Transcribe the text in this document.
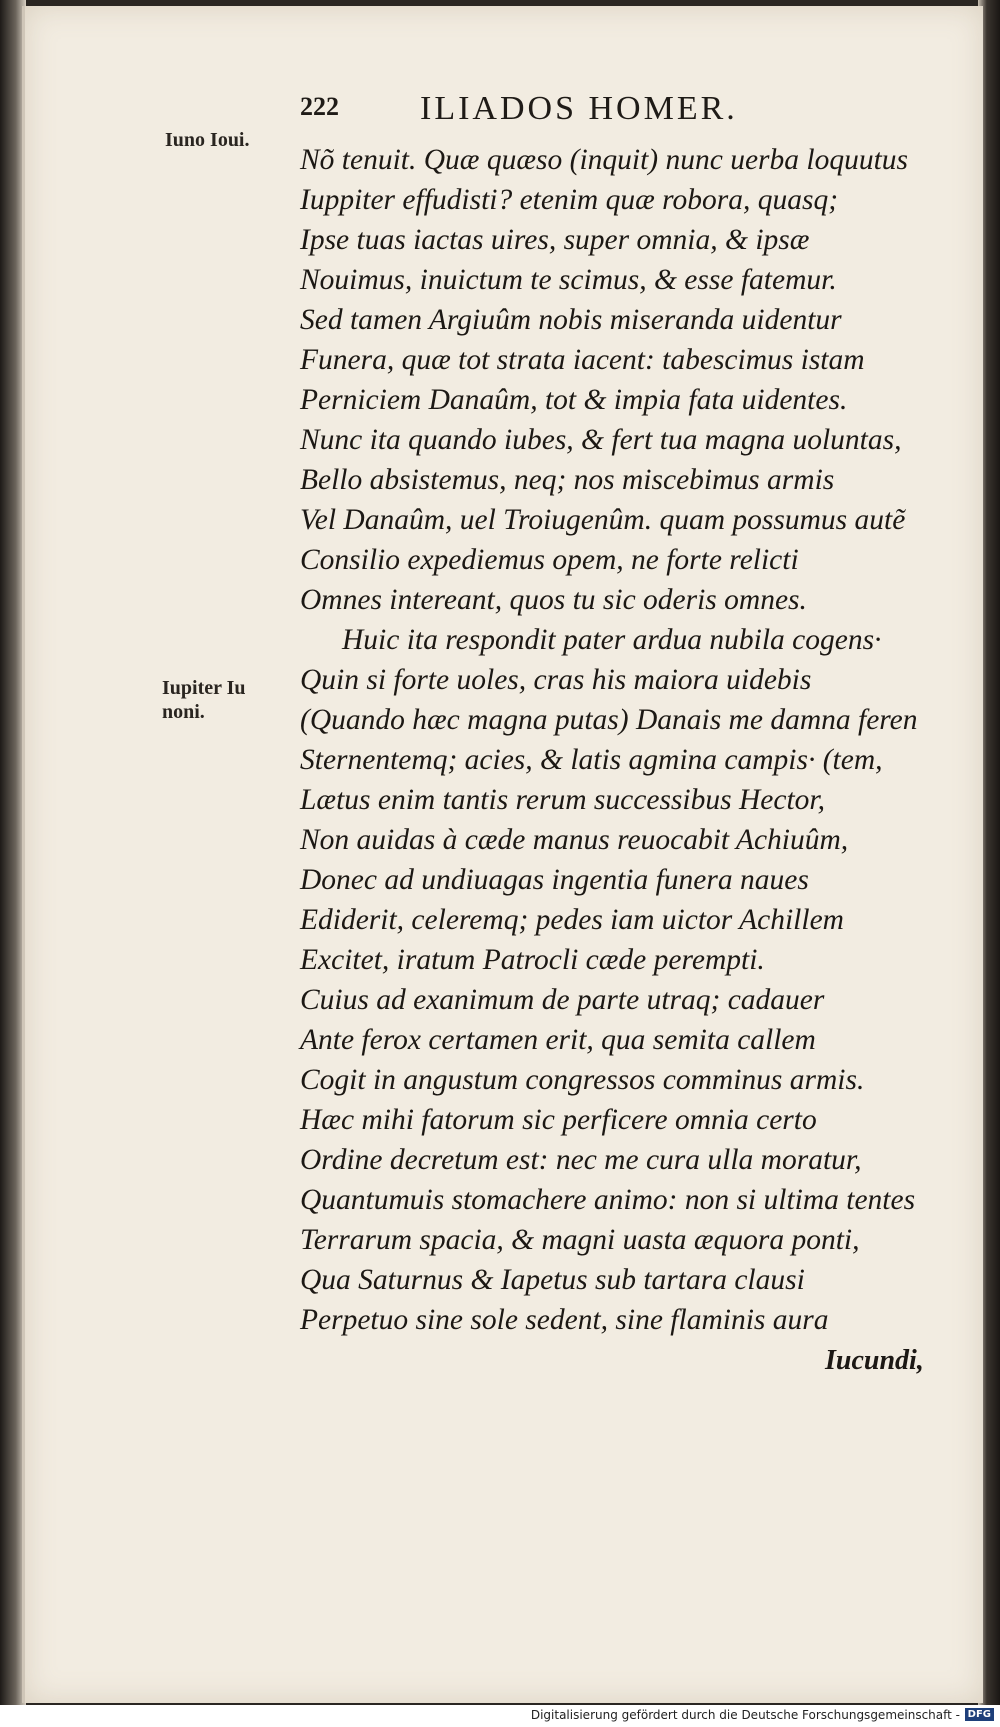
222 ILIADOS HOMER.
Iuno Ioui.
Iupiter Iu noni.
Nõ tenuit. Quæ quæso (inquit) nunc uerba loquutus
Iuppiter effudisti? etenim quæ robora, quasq;
Ipse tuas iactas uires, super omnia, & ipsæ
Nouimus, inuictum te scimus, & esse fatemur.
Sed tamen Argiuûm nobis miseranda uidentur
Funera, quæ tot strata iacent: tabescimus istam
Perniciem Danaûm, tot & impia fata uidentes.
Nunc ita quando iubes, & fert tua magna uoluntas,
Bello absistemus, neq; nos miscebimus armis
Vel Danaûm, uel Troiugenûm. quam possumus autẽ
Consilio expediemus opem, ne forte relicti
Omnes intereant, quos tu sic oderis omnes.
Huic ita respondit pater ardua nubila cogens·
Quin si forte uoles, cras his maiora uidebis
(Quando hæc magna putas) Danais me damna feren
Sternentemq; acies, & latis agmina campis· (tem,
Lætus enim tantis rerum successibus Hector,
Non auidas à cæde manus reuocabit Achiuûm,
Donec ad undiuagas ingentia funera naues
Ediderit, celeremq; pedes iam uictor Achillem
Excitet, iratum Patrocli cæde perempti.
Cuius ad exanimum de parte utraq; cadauer
Ante ferox certamen erit, qua semita callem
Cogit in angustum congressos comminus armis.
Hæc mihi fatorum sic perficere omnia certo
Ordine decretum est: nec me cura ulla moratur,
Quantumuis stomachere animo: non si ultima tentes
Terrarum spacia, & magni uasta æquora ponti,
Qua Saturnus & Iapetus sub tartara clausi
Perpetuo sine sole sedent, sine flaminis aura
Iucundi,
Digitalisierung gefördert durch die Deutsche Forschungsgemeinschaft - DFG
